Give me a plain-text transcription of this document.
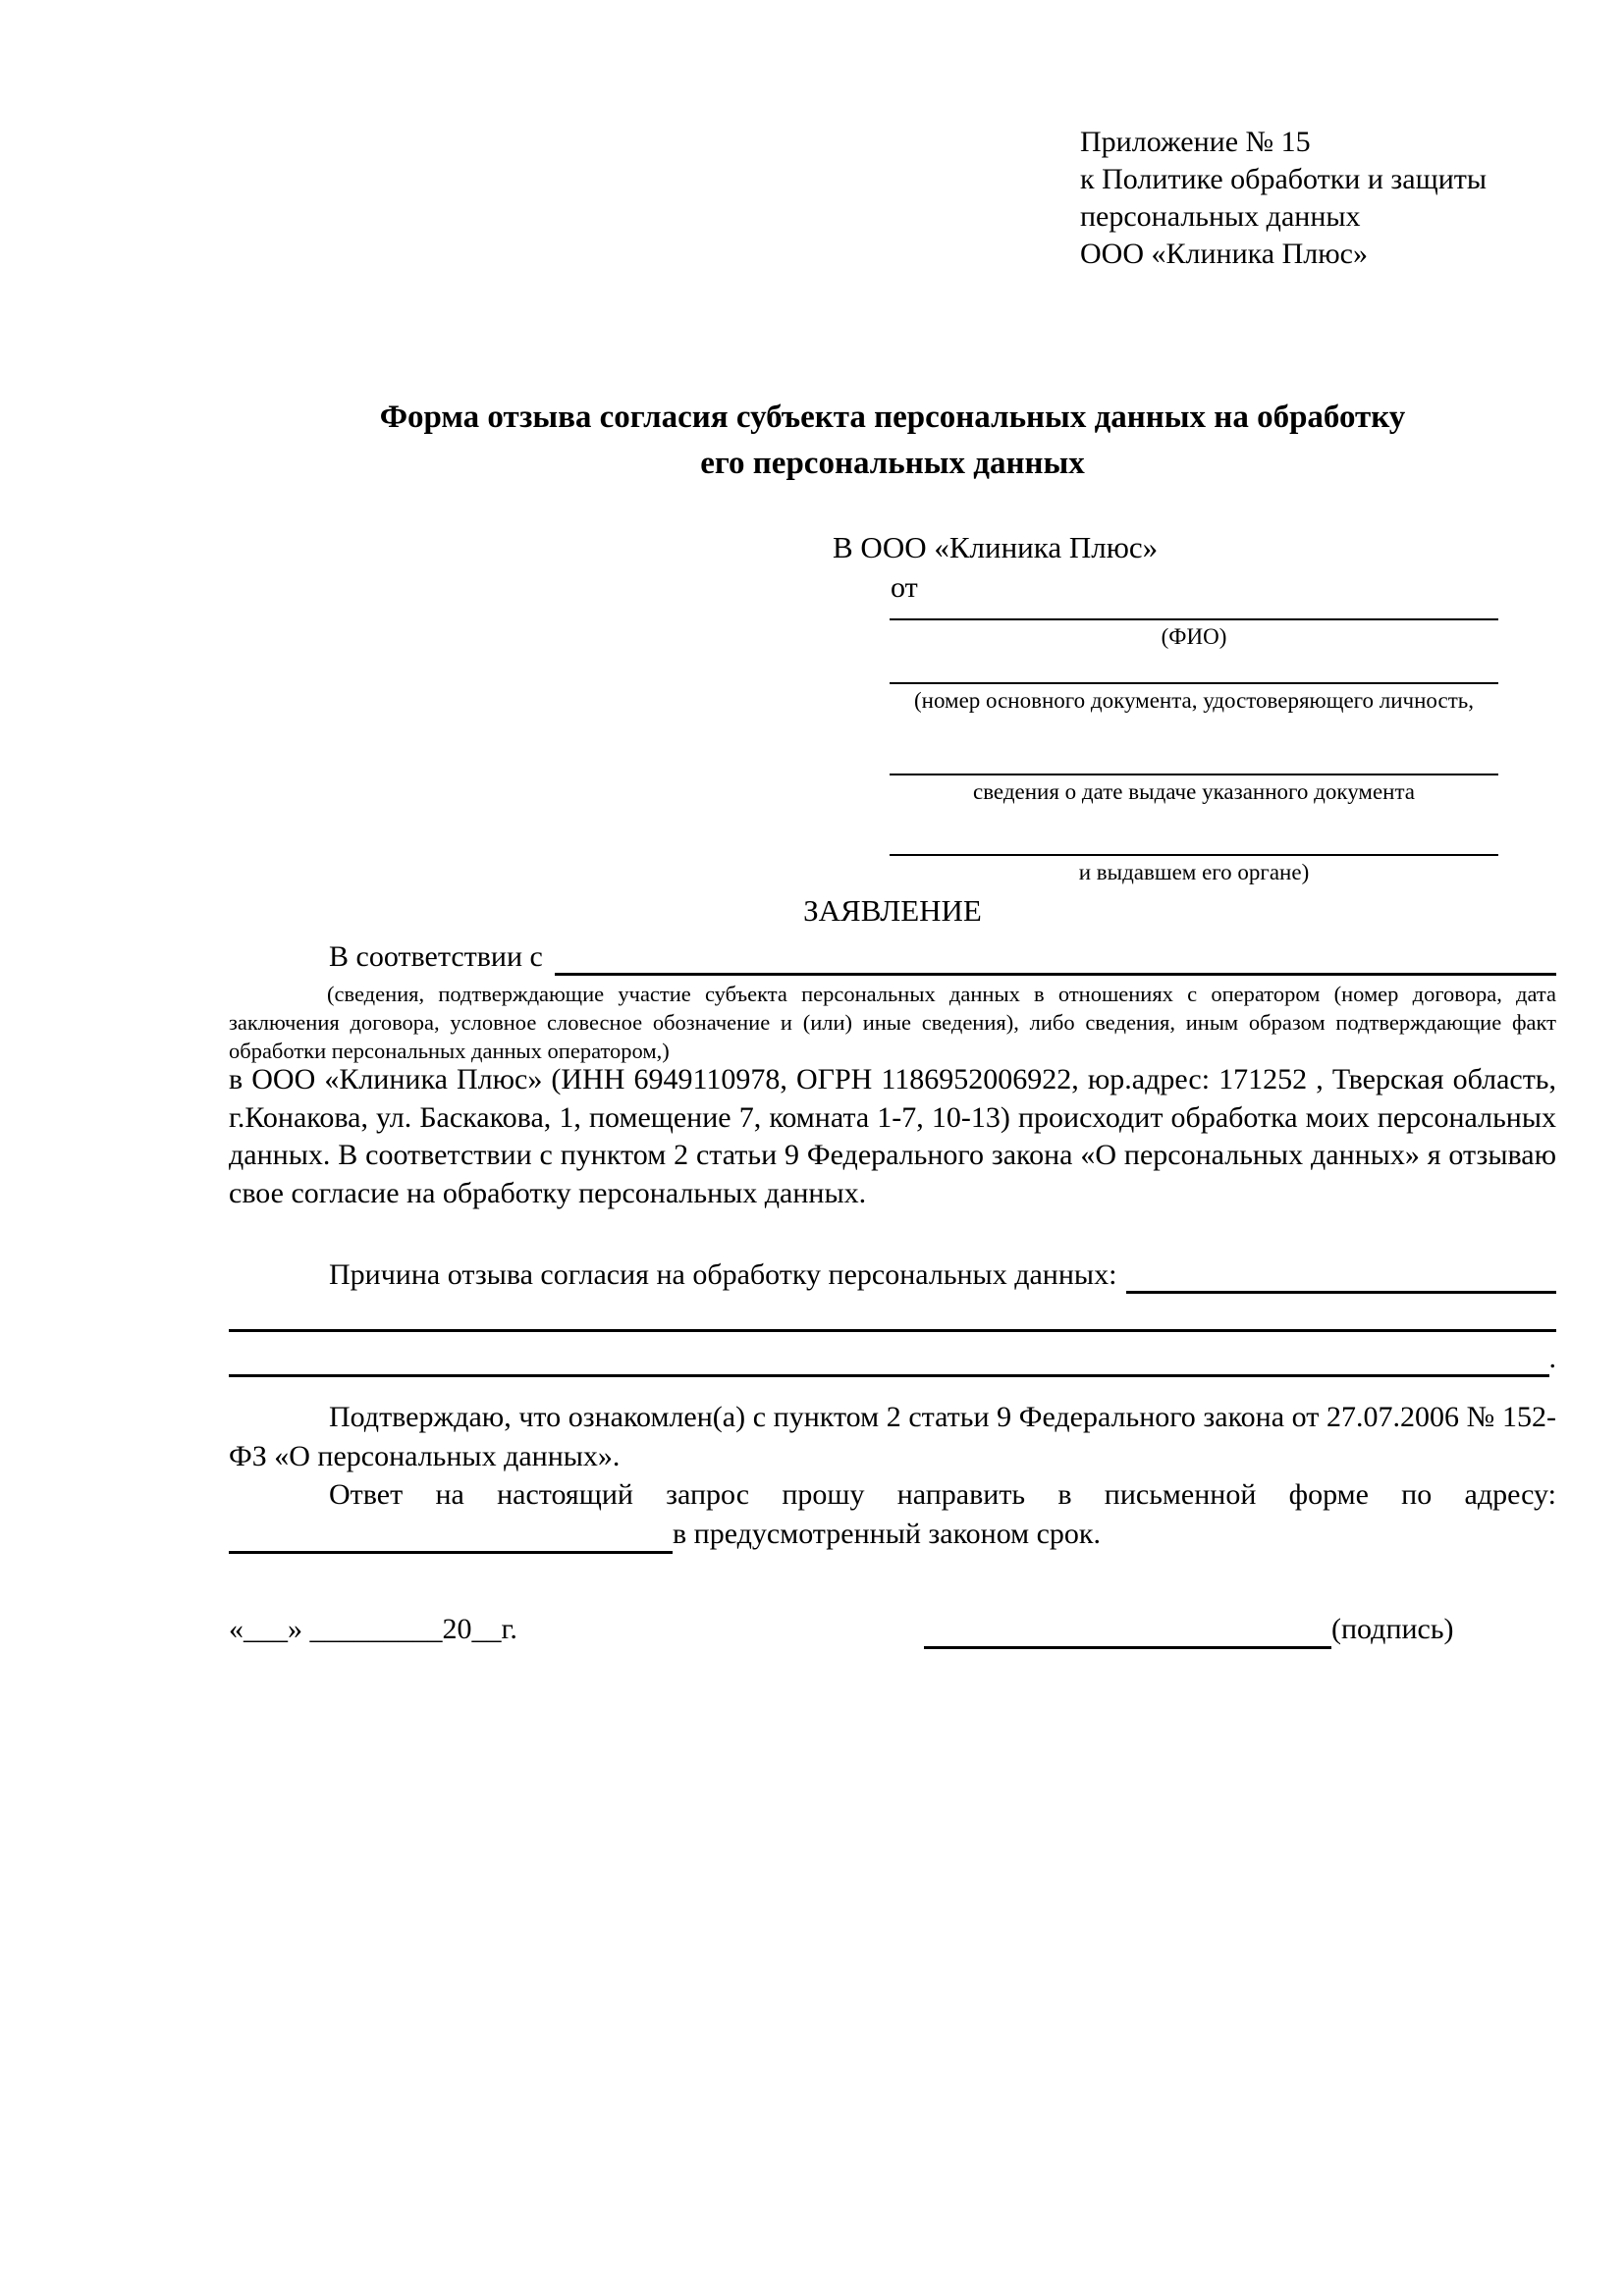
Приложение № 15
к Политике обработки и защиты
персональных данных
ООО «Клиника Плюс»
Форма отзыва согласия субъекта персональных данных на обработку
его персональных данных
В ООО «Клиника Плюс»
от
(ФИО)
(номер основного документа, удостоверяющего личность,
сведения о дате выдаче указанного документа
и выдавшем его органе)
ЗАЯВЛЕНИЕ
В соответствии с
(сведения, подтверждающие участие субъекта персональных данных в отношениях с оператором (номер договора, дата заключения договора, условное словесное обозначение и (или) иные сведения), либо сведения, иным образом подтверждающие факт обработки персональных данных оператором,)
в ООО «Клиника Плюс» (ИНН 6949110978, ОГРН 1186952006922, юр.адрес: 171252 , Тверская область, г.Конакова, ул. Баскакова, 1, помещение 7, комната 1-7, 10-13) происходит обработка моих персональных данных. В соответствии с пунктом 2 статьи 9 Федерального закона «О персональных данных» я отзываю свое согласие на обработку персональных данных.
Причина отзыва согласия на обработку персональных данных:
.
Подтверждаю, что ознакомлен(а) с пунктом 2 статьи 9 Федерального закона от 27.07.2006 № 152-ФЗ «О персональных данных».
Ответ на настоящий запрос прошу направить в письменной форме по адресу:
в предусмотренный законом срок.
«___» _________20__г.	(подпись)
